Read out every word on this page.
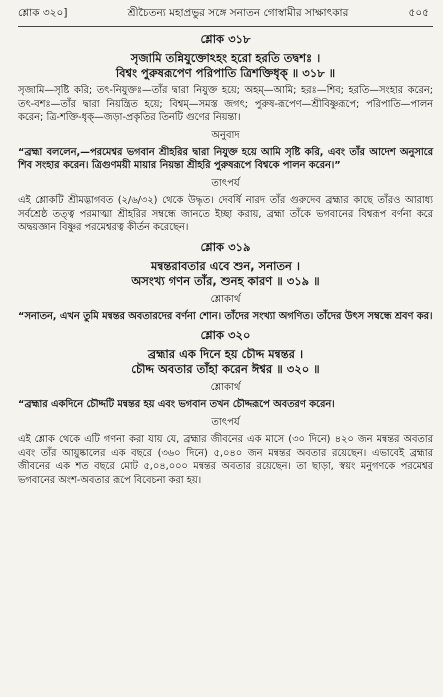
শ্লোক ৩২০]	শ্রীচৈতন্য মহাপ্রভুর সঙ্গে সনাতন গোস্বামীর সাক্ষাৎকার	৫০৫
শ্লোক ৩১৮
সৃজামি তন্নিযুক্তোঽহং হরো হরতি তদ্বশঃ ।
বিশ্বং পুরুষরূপেণ পরিপাতি ত্রিশক্তিধৃক্ ॥ ৩১৮ ॥
সৃজামি—সৃষ্টি করি; তৎ-নিযুক্তঃ—তাঁর দ্বারা নিযুক্ত হয়ে; অহম্—আমি; হরঃ—শিব; হরতি—সংহার করেন; তৎ-বশঃ—তাঁর দ্বারা নিয়ন্ত্রিত হয়ে; বিশ্বম্—সমস্ত জগৎ; পুরুষ-রূপেণ—শ্রীবিষ্ণুরূপে; পরিপাতি—পালন করেন; ত্রি-শক্তি-ধৃক্—জড়া-প্রকৃতির তিনটি গুণের নিয়ন্তা।
অনুবাদ
“ব্রহ্মা বললেন,—পরমেশ্বর ভগবান শ্রীহরির দ্বারা নিযুক্ত হয়ে আমি সৃষ্টি করি, এবং তাঁর আদেশ অনুসারে শিব সংহার করেন। ত্রিগুণময়ী মায়ার নিয়ন্তা শ্রীহরি পুরুষরূপে বিশ্বকে পালন করেন।”
তাৎপর্য
এই শ্লোকটি শ্রীমদ্ভাগবত (২/৬/৩২) থেকে উদ্ধৃত। দেবর্ষি নারদ তাঁর গুরুদেব ব্রহ্মার কাছে তাঁরও আরাধ্য সর্বশ্রেষ্ঠ তত্ত্ব পরমাত্মা শ্রীহরির সম্বন্ধে জানতে ইচ্ছা করায়, ব্রহ্মা তাঁকে ভগবানের বিশ্বরূপ বর্ণনা করে অদ্বয়জ্ঞান বিষ্ণুর পরমেশ্বরত্ব কীর্তন করেছেন।
শ্লোক ৩১৯
মন্বন্তরাবতার এবে শুন, সনাতন ।
অসংখ্য গণন তাঁর, শুনহ কারণ ॥ ৩১৯ ॥
শ্লোকার্থ
“সনাতন, এখন তুমি মন্বন্তর অবতারদের বর্ণনা শোন। তাঁদের সংখ্যা অগণিত। তাঁদের উৎস সম্বন্ধে শ্রবণ কর।
শ্লোক ৩২০
ব্রহ্মার এক দিনে হয় চৌদ্দ মন্বন্তর ।
চৌদ্দ অবতার তাঁহা করেন ঈশ্বর ॥ ৩২০ ॥
শ্লোকার্থ
“ব্রহ্মার একদিনে চৌদ্দটি মন্বন্তর হয় এবং ভগবান তখন চৌদ্দরূপে অবতরণ করেন।
তাৎপর্য
এই শ্লোক থেকে এটি গণনা করা যায় যে, ব্রহ্মার জীবনের এক মাসে (৩০ দিনে) ৪২০ জন মন্বন্তর অবতার এবং তাঁর আয়ুষ্কালের এক বছরে (৩৬০ দিনে) ৫,০৪০ জন মন্বন্তর অবতার রয়েছেন। এভাবেই ব্রহ্মার জীবনের এক শত বছরে মোট ৫,০৪,০০০ মন্বন্তর অবতার রয়েছেন। তা ছাড়া, স্বয়ং মনুগণকে পরমেশ্বর ভগবানের অংশ-অবতার রূপে বিবেচনা করা হয়।
